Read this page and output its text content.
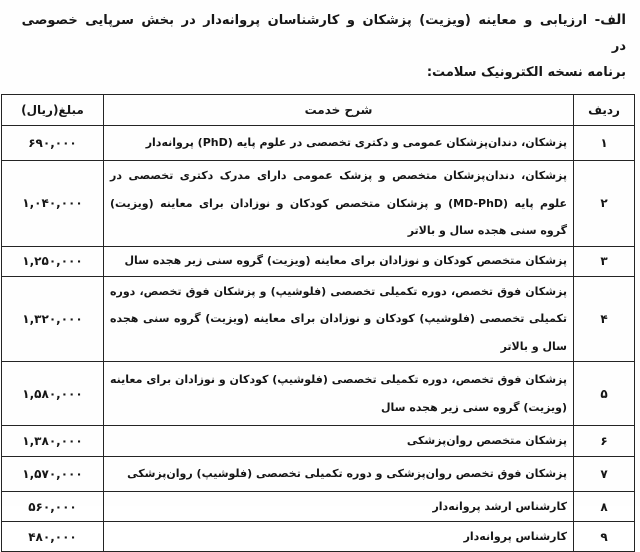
الف- ارزیابی و معاینه (ویزیت) پزشکان و کارشناسان پروانه‌دار در بخش سرپایی خصوصی در
برنامه نسخه الکترونیک سلامت:
ردیف	شرح خدمت	مبلغ(ریال)
۱	پزشکان، دندان‌پزشکان عمومی و دکتری تخصصی در علوم پایه (PhD) پروانه‌دار	۶۹۰,۰۰۰
۲	پزشکان، دندان‌پزشکان متخصص و پزشک عمومی دارای مدرک دکتری تخصصی در علوم پایه (MD-PhD) و پزشکان متخصص کودکان و نوزادان برای معاینه (ویزیت) گروه سنی هجده سال و بالاتر	۱,۰۴۰,۰۰۰
۳	پزشکان متخصص کودکان و نوزادان برای معاینه (ویزیت) گروه سنی زیر هجده سال	۱,۲۵۰,۰۰۰
۴	پزشکان فوق تخصص، دوره تکمیلی تخصصی (فلوشیپ) و پزشکان فوق تخصص، دوره تکمیلی تخصصی (فلوشیپ) کودکان و نوزادان برای معاینه (ویزیت) گروه سنی هجده سال و بالاتر	۱,۳۲۰,۰۰۰
۵	پزشکان فوق تخصص، دوره تکمیلی تخصصی (فلوشیپ) کودکان و نوزادان برای معاینه (ویزیت) گروه سنی زیر هجده سال	۱,۵۸۰,۰۰۰
۶	پزشکان متخصص روان‌پزشکی	۱,۳۸۰,۰۰۰
۷	پزشکان فوق تخصص روان‌پزشکی و دوره تکمیلی تخصصی (فلوشیپ) روان‌پزشکی	۱,۵۷۰,۰۰۰
۸	کارشناس ارشد پروانه‌دار	۵۶۰,۰۰۰
۹	کارشناس پروانه‌دار	۴۸۰,۰۰۰
